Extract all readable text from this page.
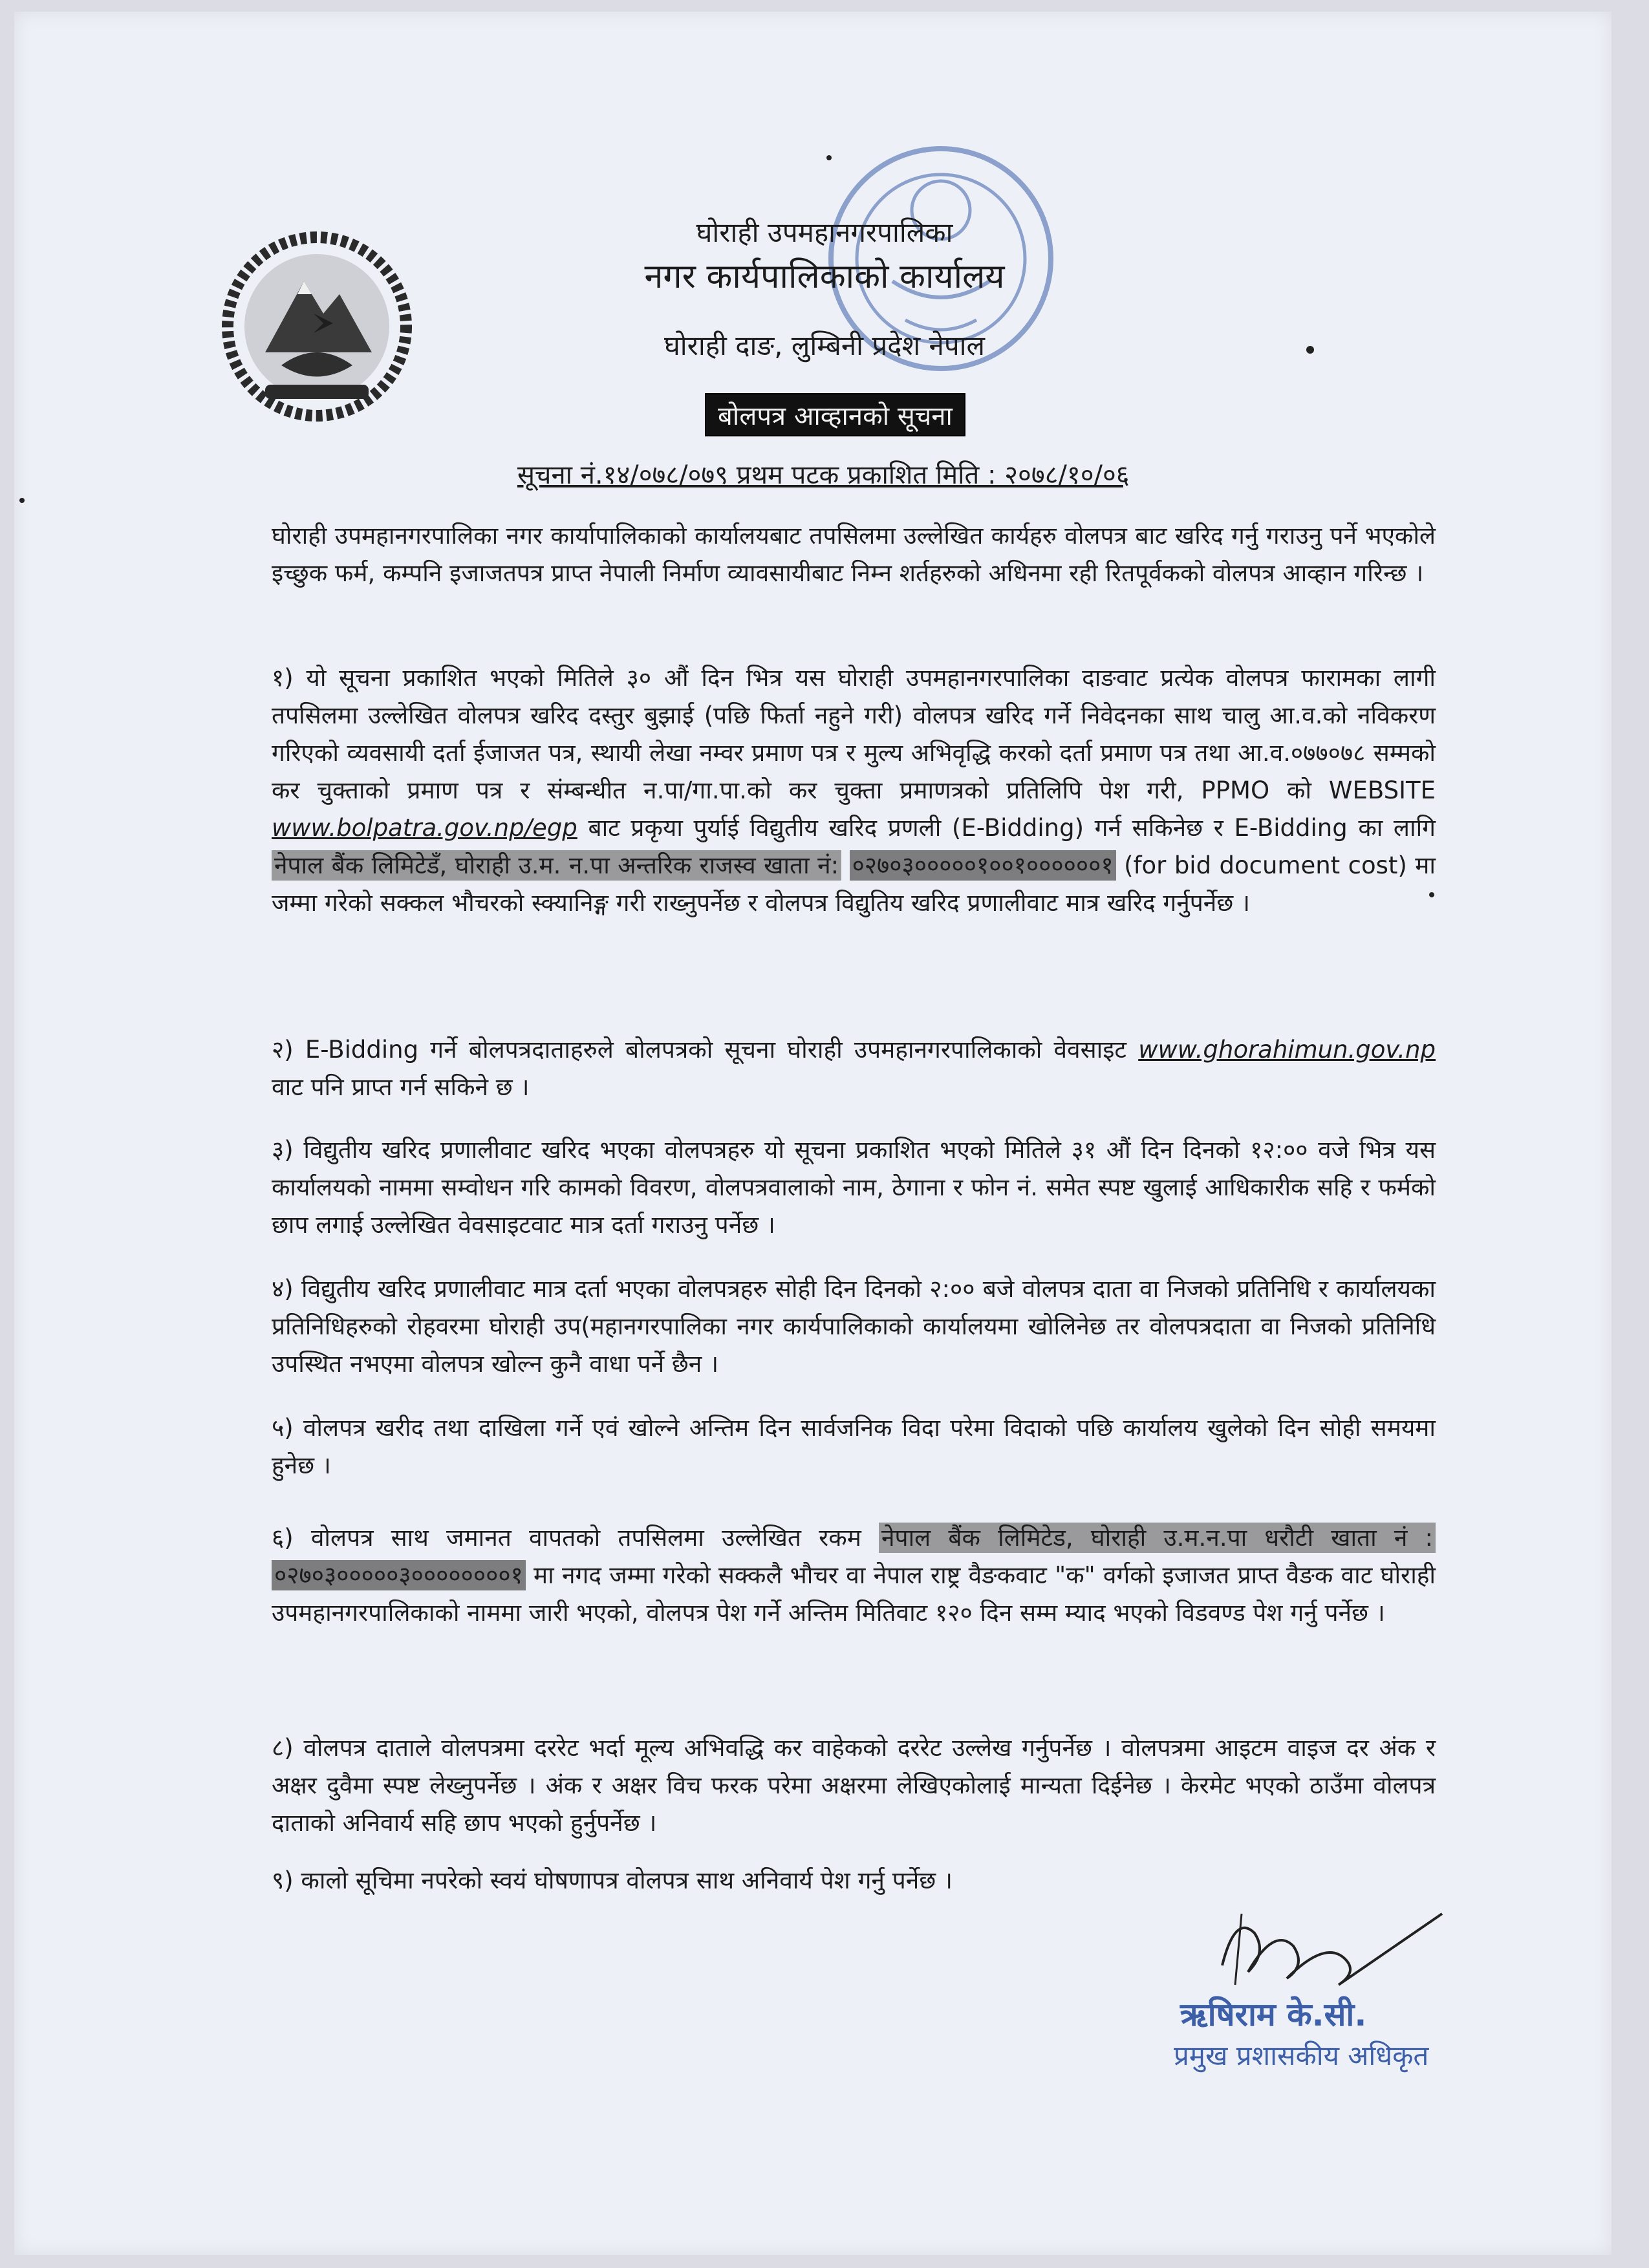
घोराही उपमहानगरपालिका
नगर कार्यपालिकाको कार्यालय
घोराही दाङ, लुम्बिनी प्रदेश नेपाल
बोलपत्र आव्हानको सूचना
सूचना नं.१४/०७८/०७९ प्रथम पटक प्रकाशित मिति : २०७८/१०/०६
घोराही उपमहानगरपालिका नगर कार्यापालिकाको कार्यालयबाट तपसिलमा उल्लेखित कार्यहरु वोलपत्र बाट खरिद गर्नु गराउनु पर्ने भएकोले इच्छुक फर्म, कम्पनि इजाजतपत्र प्राप्त नेपाली निर्माण व्यावसायीबाट निम्न शर्तहरुको अधिनमा रही रितपूर्वकको वोलपत्र आव्हान गरिन्छ ।
१) यो सूचना प्रकाशित भएको मितिले ३० औं दिन भित्र यस घोराही उपमहानगरपालिका दाङवाट प्रत्येक वोलपत्र फारामका लागी तपसिलमा उल्लेखित वोलपत्र खरिद दस्तुर बुझाई (पछि फिर्ता नहुने गरी) वोलपत्र खरिद गर्ने निवेदनका साथ चालु आ.व.को नविकरण गरिएको व्यवसायी दर्ता ईजाजत पत्र, स्थायी लेखा नम्वर प्रमाण पत्र र मुल्य अभिवृद्धि करको दर्ता प्रमाण पत्र तथा आ.व.०७७०७८ सम्मको कर चुक्ताको प्रमाण पत्र र संम्बन्धीत न.पा/गा.पा.को कर चुक्ता प्रमाणत्रको प्रतिलिपि पेश गरी, PPMO को WEBSITE www.bolpatra.gov.np/egp बाट प्रकृया पुर्याई विद्युतीय खरिद प्रणली (E-Bidding) गर्न सकिनेछ र E-Bidding का लागि नेपाल बैंक लिमिटेडँ, घोराही उ.म. न.पा अन्तरिक राजस्व खाता नं: ०२७०३०००००१००१००००००१ (for bid document cost) मा जम्मा गरेको सक्कल भौचरको स्क्यानिङ्ग गरी राख्नुपर्नेछ र वोलपत्र विद्युतिय खरिद प्रणालीवाट मात्र खरिद गर्नुपर्नेछ ।
२) E-Bidding गर्ने बोलपत्रदाताहरुले बोलपत्रको सूचना घोराही उपमहानगरपालिकाको वेवसाइट www.ghorahimun.gov.np वाट पनि प्राप्त गर्न सकिने छ ।
३) विद्युतीय खरिद प्रणालीवाट खरिद भएका वोलपत्रहरु यो सूचना प्रकाशित भएको मितिले ३१ औं दिन दिनको १२:०० वजे भित्र यस कार्यालयको नाममा सम्वोधन गरि कामको विवरण, वोलपत्रवालाको नाम, ठेगाना र फोन नं. समेत स्पष्ट खुलाई आधिकारीक सहि र फर्मको छाप लगाई उल्लेखित वेवसाइटवाट मात्र दर्ता गराउनु पर्नेछ ।
४) विद्युतीय खरिद प्रणालीवाट मात्र दर्ता भएका वोलपत्रहरु सोही दिन दिनको २:०० बजे वोलपत्र दाता वा निजको प्रतिनिधि र कार्यालयका प्रतिनिधिहरुको रोहवरमा घोराही उप(महानगरपालिका नगर कार्यपालिकाको कार्यालयमा खोलिनेछ तर वोलपत्रदाता वा निजको प्रतिनिधि उपस्थित नभएमा वोलपत्र खोल्न कुनै वाधा पर्ने छैन ।
५) वोलपत्र खरीद तथा दाखिला गर्ने एवं खोल्ने अन्तिम दिन सार्वजनिक विदा परेमा विदाको पछि कार्यालय खुलेको दिन सोही समयमा हुनेछ ।
६) वोलपत्र साथ जमानत वापतको तपसिलमा उल्लेखित रकम नेपाल बैंक लिमिटेड, घोराही उ.म.न.पा धरौटी खाता नं : ०२७०३०००००३००००००००१ मा नगद जम्मा गरेको सक्कलै भौचर वा नेपाल राष्ट्र वैङकवाट "क" वर्गको इजाजत प्राप्त वैङक वाट घोराही उपमहानगरपालिकाको नाममा जारी भएको, वोलपत्र पेश गर्ने अन्तिम मितिवाट १२० दिन सम्म म्याद भएको विडवण्ड पेश गर्नु पर्नेछ ।
८) वोलपत्र दाताले वोलपत्रमा दररेट भर्दा मूल्य अभिवद्धि कर वाहेकको दररेट उल्लेख गर्नुपर्नेछ । वोलपत्रमा आइटम वाइज दर अंक र अक्षर दुवैमा स्पष्ट लेख्नुपर्नेछ । अंक र अक्षर विच फरक परेमा अक्षरमा लेखिएकोलाई मान्यता दिईनेछ । केरमेट भएको ठाउँमा वोलपत्र दाताको अनिवार्य सहि छाप भएको हुर्नुपर्नेछ ।
९) कालो सूचिमा नपरेको स्वयं घोषणापत्र वोलपत्र साथ अनिवार्य पेश गर्नु पर्नेछ ।
ऋषिराम के.सी.
प्रमुख प्रशासकीय अधिकृत
